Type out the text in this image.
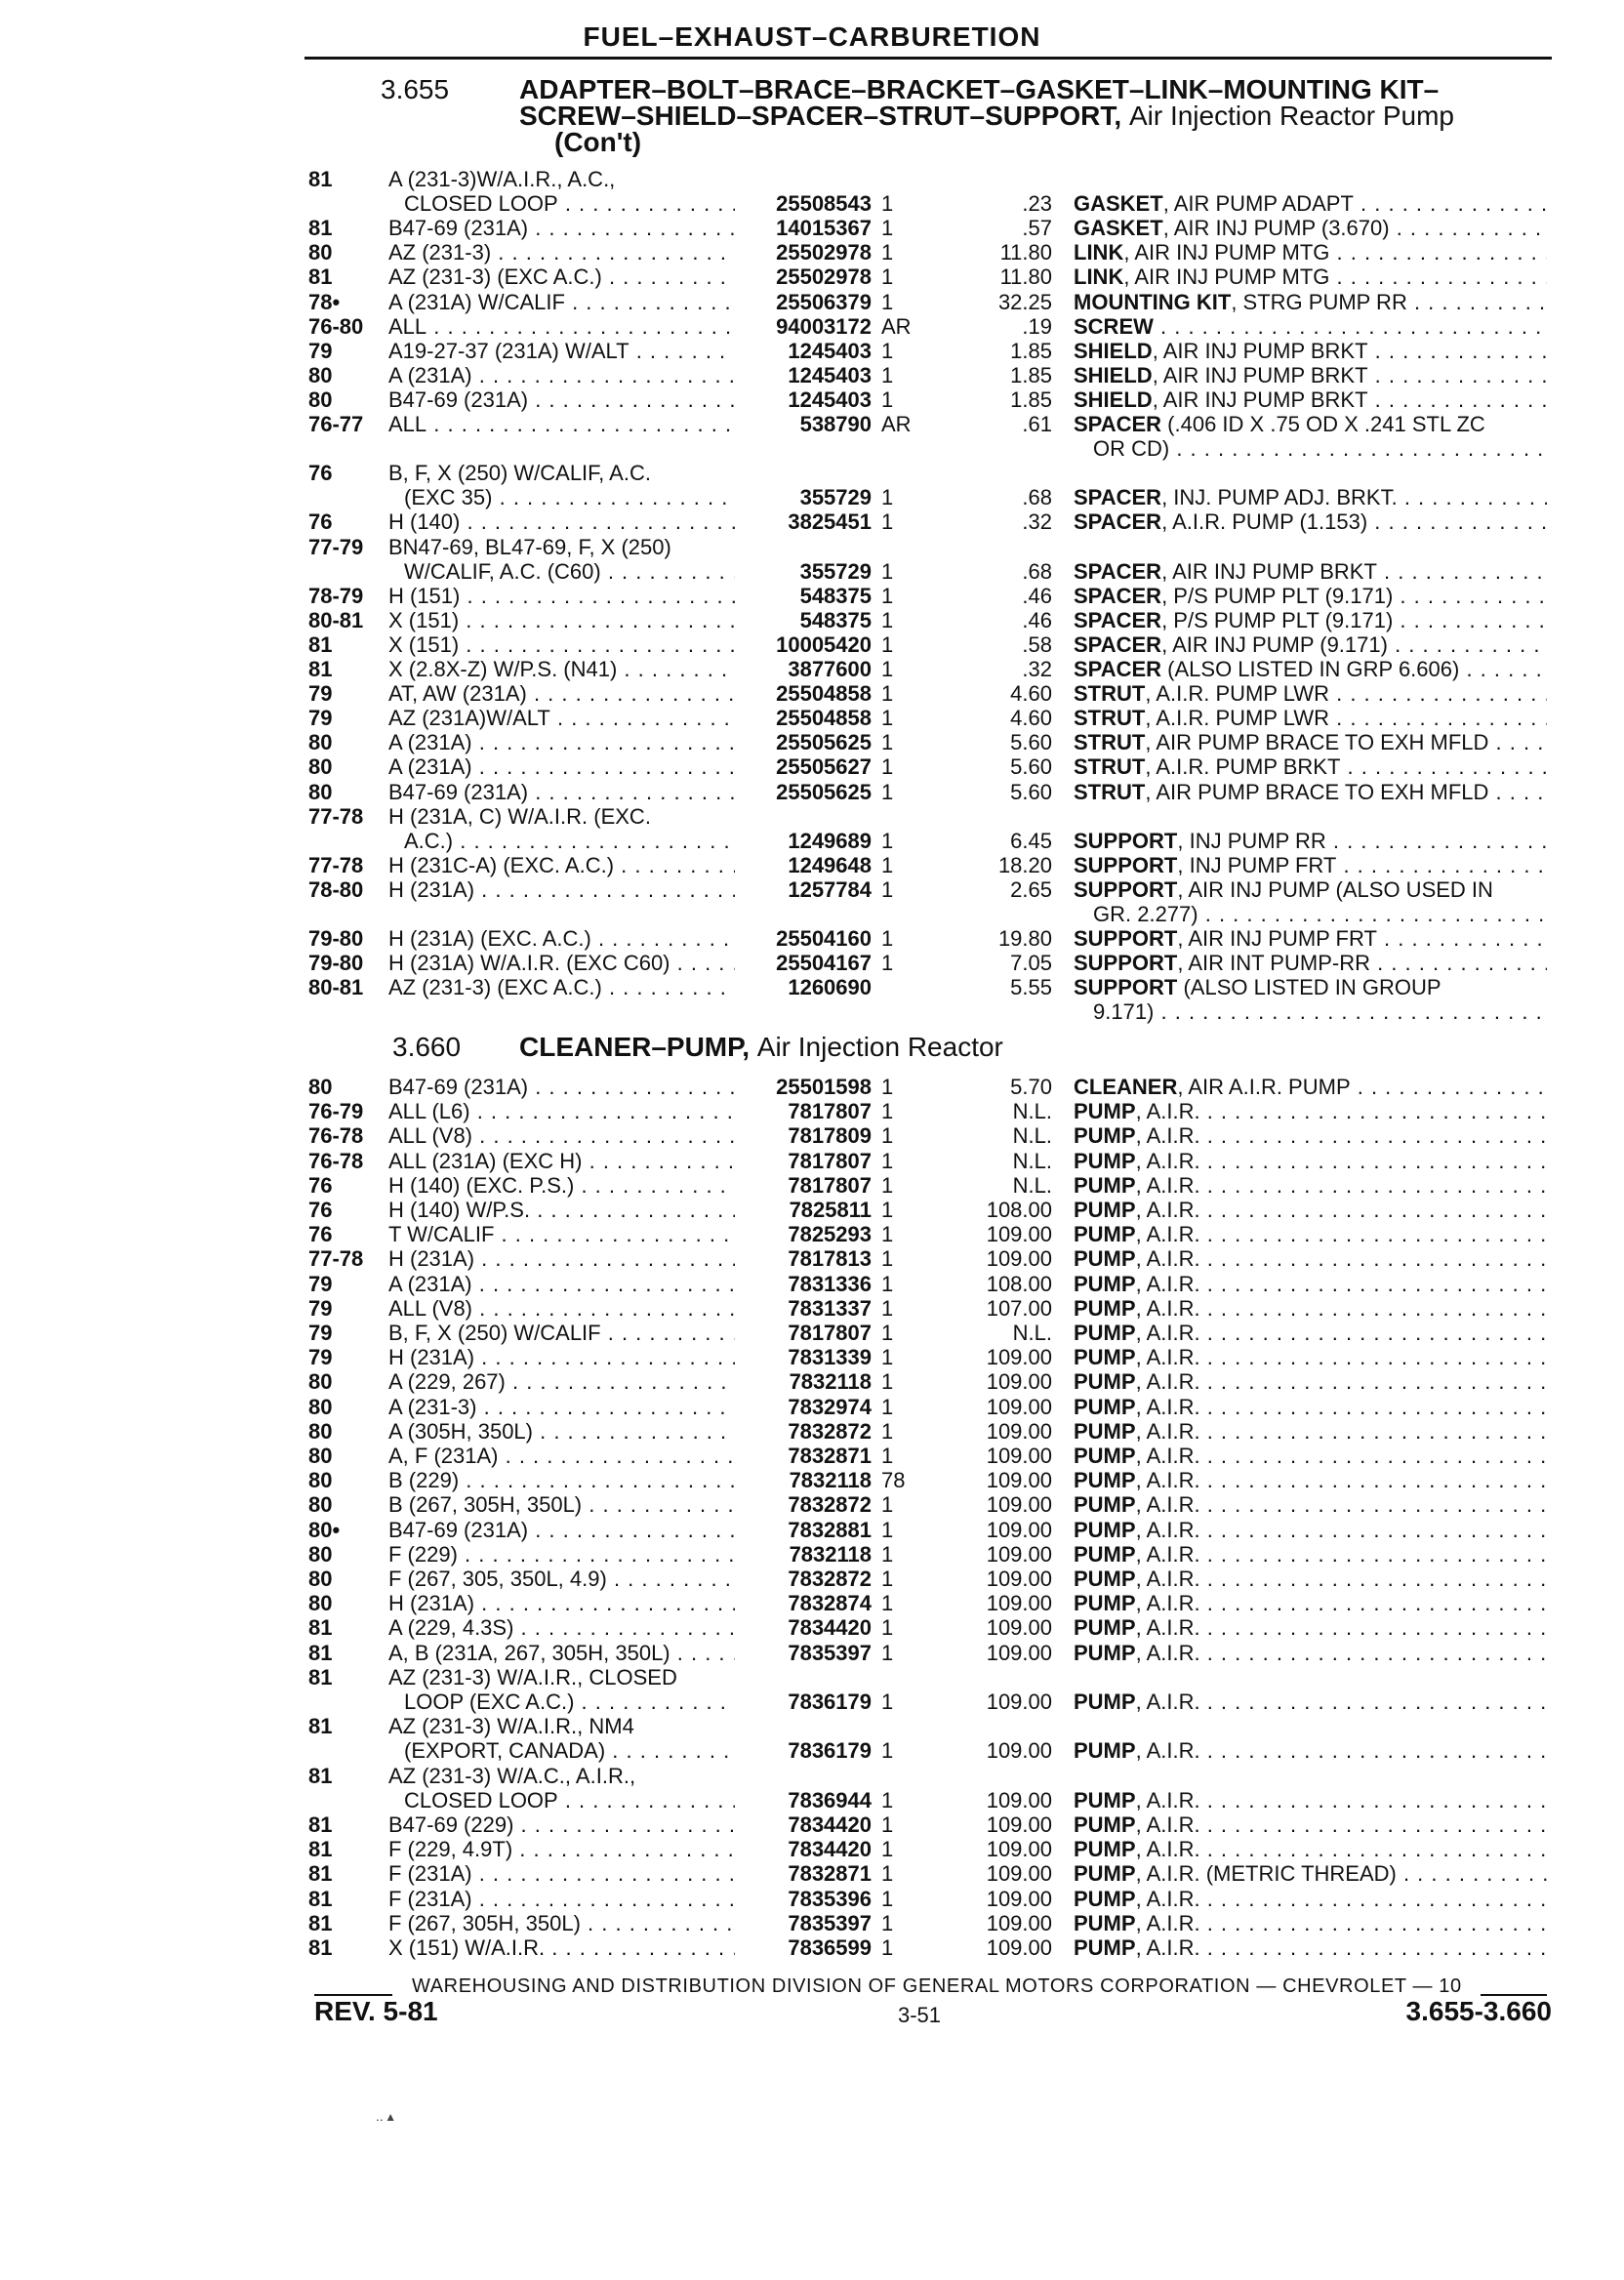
FUEL–EXHAUST–CARBURETION
3.655	ADAPTER–BOLT–BRACE–BRACKET–GASKET–LINK–MOUNTING KIT–
SCREW–SHIELD–SPACER–STRUT–SUPPORT, Air Injection Reactor Pump
(Con't)
81	A (231-3)W/A.I.R., A.C.,
CLOSED LOOP . . .	25508543 1	.23 GASKET, AIR PUMP ADAPT . . .
81	B47-69 (231A) . . .	14015367 1	.57 GASKET, AIR INJ PUMP (3.670) . . .
80	AZ (231-3) . . .	25502978 1	11.80 LINK, AIR INJ PUMP MTG . . .
81	AZ (231-3) (EXC A.C.) . . .	25502978 1	11.80 LINK, AIR INJ PUMP MTG . . .
78• A (231A) W/CALIF . . .	25506379 1	32.25 MOUNTING KIT, STRG PUMP RR . . .
76-80 ALL . . .	94003172 AR	.19 SCREW . . .
79	A19-27-37 (231A) W/ALT . . .	1245403 1	1.85 SHIELD, AIR INJ PUMP BRKT . . .
80	A (231A) . . .	1245403 1	1.85 SHIELD, AIR INJ PUMP BRKT . . .
80	B47-69 (231A) . . .	1245403 1	1.85 SHIELD, AIR INJ PUMP BRKT . . .
76-77 ALL . . .	538790 AR	.61 SPACER (.406 ID X .75 OD X .241 STL ZC
OR CD) . . .
76	B, F, X (250) W/CALIF, A.C.
(EXC 35) . . .	355729 1	.68 SPACER, INJ. PUMP ADJ. BRKT. . . .
76	H (140) . . .	3825451 1	.32 SPACER, A.I.R. PUMP (1.153) . . .
77-79 BN47-69, BL47-69, F, X (250)
W/CALIF, A.C. (C60) . . .	355729 1	.68 SPACER, AIR INJ PUMP BRKT . . .
78-79 H (151) . . .	548375 1	.46 SPACER, P/S PUMP PLT (9.171) . . .
80-81 X (151) . . .	548375 1	.46 SPACER, P/S PUMP PLT (9.171) . . .
81	X (151) . . .	10005420 1	.58 SPACER, AIR INJ PUMP (9.171) . . .
81	X (2.8X-Z) W/P.S. (N41) . . .	3877600 1	.32 SPACER (ALSO LISTED IN GRP 6.606) . . .
79	AT, AW (231A) . . .	25504858 1	4.60 STRUT, A.I.R. PUMP LWR . . .
79	AZ (231A)W/ALT . . .	25504858 1	4.60 STRUT, A.I.R. PUMP LWR . . .
80	A (231A) . . .	25505625 1	5.60 STRUT, AIR PUMP BRACE TO EXH MFLD . . .
80	A (231A) . . .	25505627 1	5.60 STRUT, A.I.R. PUMP BRKT . . .
80	B47-69 (231A) . . .	25505625 1	5.60 STRUT, AIR PUMP BRACE TO EXH MFLD . . .
77-78 H (231A, C) W/A.I.R. (EXC.
A.C.) . . .	1249689 1	6.45 SUPPORT, INJ PUMP RR . . .
77-78 H (231C-A) (EXC. A.C.) . . .	1249648 1	18.20 SUPPORT, INJ PUMP FRT . . .
78-80 H (231A) . . .	1257784 1	2.65 SUPPORT, AIR INJ PUMP (ALSO USED IN
GR. 2.277) . . .
79-80 H (231A) (EXC. A.C.) . . .	25504160 1	19.80 SUPPORT, AIR INJ PUMP FRT . . .
79-80 H (231A) W/A.I.R. (EXC C60) . . .	25504167 1	7.05 SUPPORT, AIR INT PUMP-RR . . .
80-81 AZ (231-3) (EXC A.C.) . . .	1260690	5.55 SUPPORT (ALSO LISTED IN GROUP
9.171) . . .
3.660 CLEANER–PUMP, Air Injection Reactor
80	B47-69 (231A) . . .	25501598 1	5.70 CLEANER, AIR A.I.R. PUMP . . .
76-79 ALL (L6) . . .	7817807 1	N.L. PUMP, A.I.R. . . .
76-78 ALL (V8) . . .	7817809 1	N.L. PUMP, A.I.R. . . .
76-78 ALL (231A) (EXC H) . . .	7817807 1	N.L. PUMP, A.I.R. . . .
76	H (140) (EXC. P.S.) . . .	7817807 1	N.L. PUMP, A.I.R. . . .
76	H (140) W/P.S. . . .	7825811 1	108.00 PUMP, A.I.R. . . .
76	T W/CALIF . . .	7825293 1	109.00 PUMP, A.I.R. . . .
77-78 H (231A) . . .	7817813 1	109.00 PUMP, A.I.R. . . .
79	A (231A) . . .	7831336 1	108.00 PUMP, A.I.R. . . .
79	ALL (V8) . . .	7831337 1	107.00 PUMP, A.I.R. . . .
79	B, F, X (250) W/CALIF . . .	7817807 1	N.L. PUMP, A.I.R. . . .
79	H (231A) . . .	7831339 1	109.00 PUMP, A.I.R. . . .
80	A (229, 267) . . .	7832118 1	109.00 PUMP, A.I.R. . . .
80	A (231-3) . . .	7832974 1	109.00 PUMP, A.I.R. . . .
80	A (305H, 350L) . . .	7832872 1	109.00 PUMP, A.I.R. . . .
80	A, F (231A) . . .	7832871 1	109.00 PUMP, A.I.R. . . .
80	B (229) . . .	7832118 78	109.00 PUMP, A.I.R. . . .
80	B (267, 305H, 350L) . . .	7832872 1	109.00 PUMP, A.I.R. . . .
80• B47-69 (231A) . . .	7832881 1	109.00 PUMP, A.I.R. . . .
80	F (229) . . .	7832118 1	109.00 PUMP, A.I.R. . . .
80	F (267, 305, 350L, 4.9) . . .	7832872 1	109.00 PUMP, A.I.R. . . .
80	H (231A) . . .	7832874 1	109.00 PUMP, A.I.R. . . .
81	A (229, 4.3S) . . .	7834420 1	109.00 PUMP, A.I.R. . . .
81	A, B (231A, 267, 305H, 350L) . . .	7835397 1	109.00 PUMP, A.I.R. . . .
81	AZ (231-3) W/A.I.R., CLOSED
LOOP (EXC A.C.) . . .	7836179 1	109.00 PUMP, A.I.R. . . .
81	AZ (231-3) W/A.I.R., NM4
(EXPORT, CANADA) . . .	7836179 1	109.00 PUMP, A.I.R. . . .
81	AZ (231-3) W/A.C., A.I.R.,
CLOSED LOOP . . .	7836944 1	109.00 PUMP, A.I.R. . . .
81	B47-69 (229) . . .	7834420 1	109.00 PUMP, A.I.R. . . .
81	F (229, 4.9T) . . .	7834420 1	109.00 PUMP, A.I.R. . . .
81	F (231A) . . .	7832871 1	109.00 PUMP, A.I.R. (METRIC THREAD) . . .
81	F (231A) . . .	7835396 1	109.00 PUMP, A.I.R. . . .
81	F (267, 305H, 350L) . . .	7835397 1	109.00 PUMP, A.I.R. . . .
81	X (151) W/A.I.R. . . .	7836599 1	109.00 PUMP, A.I.R. . . .
WAREHOUSING AND DISTRIBUTION DIVISION OF GENERAL MOTORS CORPORATION — CHEVROLET — 10
REV. 5-81	3-51	3.655-3.660
.. ▴
